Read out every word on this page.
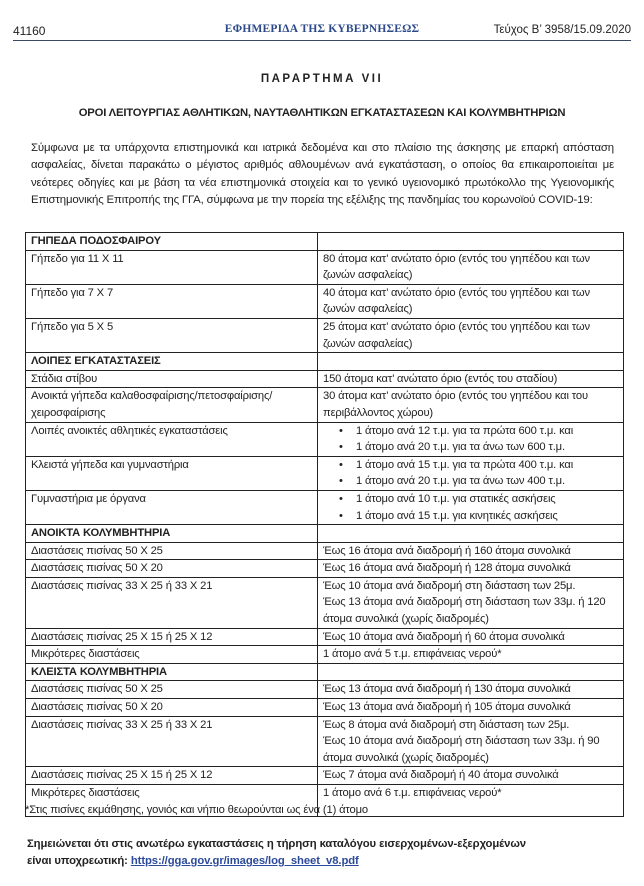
41160	ΕΦΗΜΕΡΙΔΑ ΤΗΣ ΚΥΒΕΡΝΗΣΕΩΣ	Τεύχος Β’ 3958/15.09.2020
ΠΑΡΑΡΤΗΜΑ VII
ΟΡΟΙ ΛΕΙΤΟΥΡΓΙΑΣ ΑΘΛΗΤΙΚΩΝ, ΝΑΥΤΑΘΛΗΤΙΚΩΝ ΕΓΚΑΤΑΣΤΑΣΕΩΝ ΚΑΙ ΚΟΛΥΜΒΗΤΗΡΙΩΝ
Σύμφωνα με τα υπάρχοντα επιστημονικά και ιατρικά δεδομένα και στο πλαίσιο της άσκησης με επαρκή απόσταση ασφαλείας, δίνεται παρακάτω ο μέγιστος αριθμός αθλουμένων ανά εγκατάσταση, ο οποίος θα επικαιροποιείται με νεότερες οδηγίες και με βάση τα νέα επιστημονικά στοιχεία και το γενικό υγειονομικό πρωτόκολλο της Υγειονομικής Επιστημονικής Επιτροπής της ΓΓΑ, σύμφωνα με την πορεία της εξέλιξης της πανδημίας του κορωνοϊού COVID-19:
ΓΗΠΕΔΑ ΠΟΔΟΣΦΑΙΡΟΥ	
Γήπεδο για 11 Χ 11	80 άτομα κατ’ ανώτατο όριο (εντός του γηπέδου και των ζωνών ασφαλείας)

Γήπεδο για 7 Χ 7	40 άτομα κατ’ ανώτατο όριο (εντός του γηπέδου και των ζωνών ασφαλείας)

Γήπεδο για 5 Χ 5	25 άτομα κατ’ ανώτατο όριο (εντός του γηπέδου και των ζωνών ασφαλείας)

ΛΟΙΠΕΣ ΕΓΚΑΤΑΣΤΑΣΕΙΣ	
Στάδια στίβου	150 άτομα κατ’ ανώτατο όριο (εντός του σταδίου)

Ανοικτά γήπεδα καλαθοσφαίρισης/πετοσφαίρισης/χειροσφαίρισης	30 άτομα κατ’ ανώτατο όριο (εντός του γηπέδου και του περιβάλλοντος χώρου)

Λοιπές ανοικτές αθλητικές εγκαταστάσεις	• 1 άτομο ανά 12 τ.μ. για τα πρώτα 600 τ.μ. και
• 1 άτομο ανά 20 τ.μ. για τα άνω των 600 τ.μ.

Κλειστά γήπεδα και γυμναστήρια	• 1 άτομο ανά 15 τ.μ. για τα πρώτα 400 τ.μ. και
• 1 άτομο ανά 20 τ.μ. για τα άνω των 400 τ.μ.

Γυμναστήρια με όργανα	• 1 άτομο ανά 10 τ.μ. για στατικές ασκήσεις
• 1 άτομο ανά 15 τ.μ. για κινητικές ασκήσεις

ΑΝΟΙΚΤΑ ΚΟΛΥΜΒΗΤΗΡΙΑ	
Διαστάσεις πισίνας 50 Χ 25	Έως 16 άτομα ανά διαδρομή ή 160 άτομα συνολικά

Διαστάσεις πισίνας 50 Χ 20	Έως 16 άτομα ανά διαδρομή ή 128 άτομα συνολικά

Διαστάσεις πισίνας 33 Χ 25 ή 33 Χ 21	Έως 10 άτομα ανά διαδρομή στη διάσταση των 25μ.
Έως 13 άτομα ανά διαδρομή στη διάσταση των 33μ. ή 120 άτομα συνολικά (χωρίς διαδρομές)

Διαστάσεις πισίνας 25 Χ 15 ή 25 Χ 12	Έως 10 άτομα ανά διαδρομή ή 60 άτομα συνολικά

Μικρότερες διαστάσεις	1 άτομο ανά 5 τ.μ. επιφάνειας νερού*

ΚΛΕΙΣΤΑ ΚΟΛΥΜΒΗΤΗΡΙΑ	
Διαστάσεις πισίνας 50 Χ 25	Έως 13 άτομα ανά διαδρομή ή 130 άτομα συνολικά

Διαστάσεις πισίνας 50 Χ 20	Έως 13 άτομα ανά διαδρομή ή 105 άτομα συνολικά

Διαστάσεις πισίνας 33 Χ 25 ή 33 Χ 21	Έως 8 άτομα ανά διαδρομή στη διάσταση των 25μ.
Έως 10 άτομα ανά διαδρομή στη διάσταση των 33μ. ή 90 άτομα συνολικά (χωρίς διαδρομές)

Διαστάσεις πισίνας 25 Χ 15 ή 25 Χ 12	Έως 7 άτομα ανά διαδρομή ή 40 άτομα συνολικά

Μικρότερες διαστάσεις	1 άτομο ανά 6 τ.μ. επιφάνειας νερού*
*Στις πισίνες εκμάθησης, γονιός και νήπιο θεωρούνται ως ένα (1) άτομο
Σημειώνεται ότι στις ανωτέρω εγκαταστάσεις η τήρηση καταλόγου εισερχομένων-εξερχομένων
είναι υποχρεωτική: https://gga.gov.gr/images/log_sheet_v8.pdf
